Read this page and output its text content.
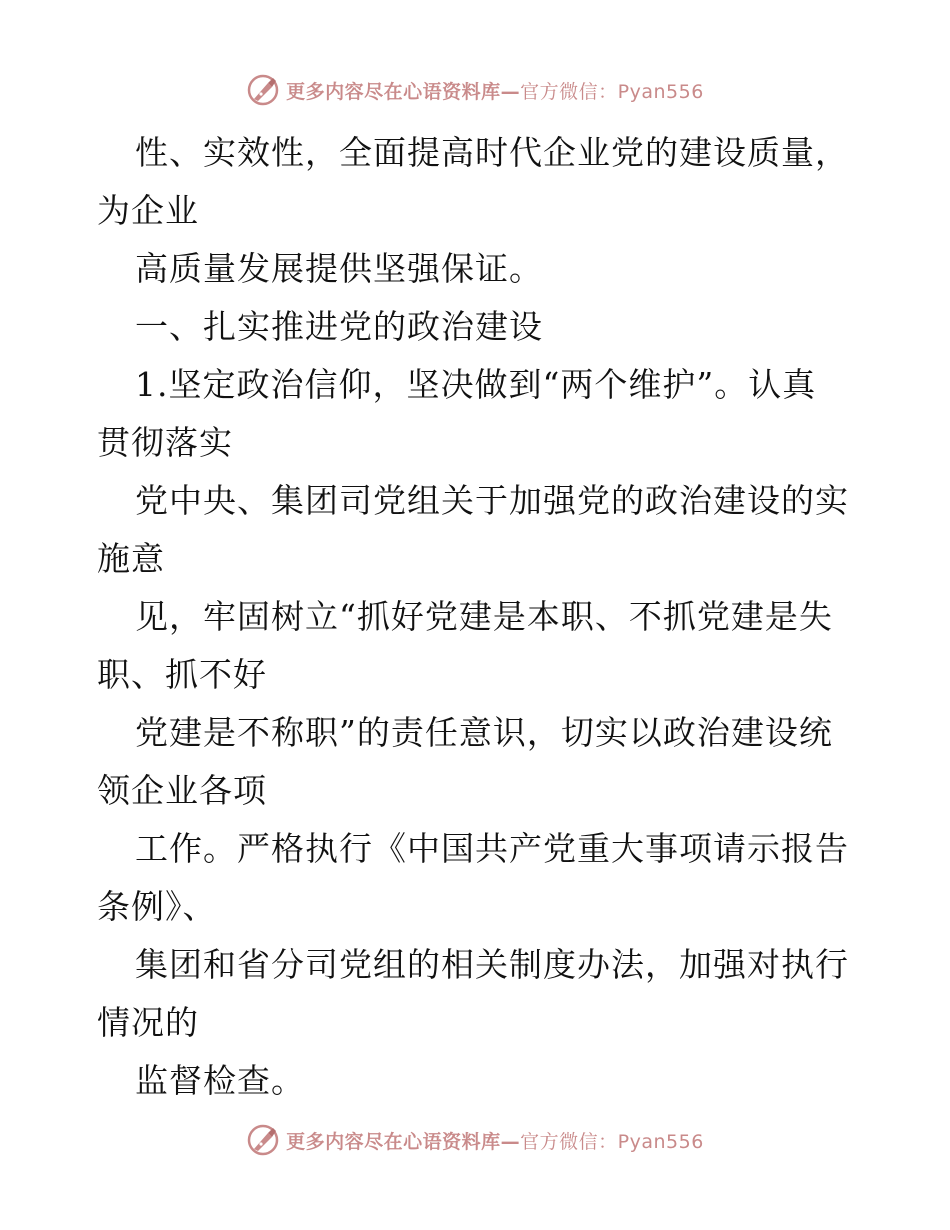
更多内容尽在心语资料库—官方微信：Pyan556
性、实效性，全面提高时代企业党的建设质量，
为企业
高质量发展提供坚强保证。
一、扎实推进党的政治建设
1.坚定政治信仰，坚决做到“两个维护”。认真
贯彻落实
党中央、集团司党组关于加强党的政治建设的实
施意
见，牢固树立“抓好党建是本职、不抓党建是失
职、抓不好
党建是不称职”的责任意识，切实以政治建设统
领企业各项
工作。严格执行《中国共产党重大事项请示报告
条例》、
集团和省分司党组的相关制度办法，加强对执行
情况的
监督检查。
更多内容尽在心语资料库—官方微信：Pyan556
